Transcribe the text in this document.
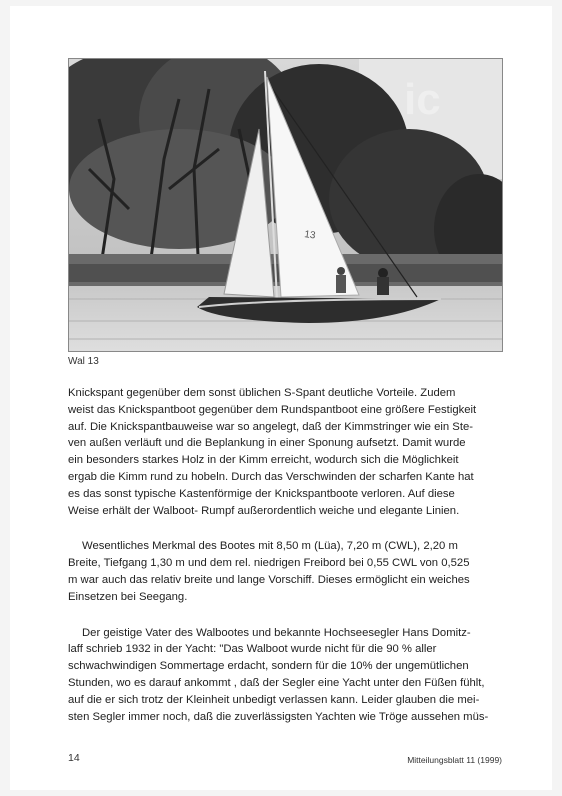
13
ic
Wal 13

Knickspant gegenüber dem sonst üblichen S-Spant deutliche Vorteile. Zudem
weist das Knickspantboot gegenüber dem Rundspantboot eine größere Festigkeit
auf. Die Knickspantbauweise war so angelegt, daß der Kimmstringer wie ein Ste-
ven außen verläuft und die Beplankung in einer Sponung aufsetzt. Damit wurde
ein besonders starkes Holz in der Kimm erreicht, wodurch sich die Möglichkeit
ergab die Kimm rund zu hobeln. Durch das Verschwinden der scharfen Kante hat
es das sonst typische Kastenförmige der Knickspantboote verloren. Auf diese
Weise erhält der Walboot- Rumpf außerordentlich weiche und elegante Linien.

Wesentliches Merkmal des Bootes mit 8,50 m (Lüa), 7,20 m (CWL), 2,20 m
Breite, Tiefgang 1,30 m und dem rel. niedrigen Freibord bei 0,55 CWL von 0,525
m war auch das relativ breite und lange Vorschiff. Dieses ermöglicht ein weiches
Einsetzen bei Seegang.

Der geistige Vater des Walbootes und bekannte Hochseesegler Hans Domitz-
laff schrieb 1932 in der Yacht: "Das Walboot wurde nicht für die 90 % aller
schwachwindigen Sommertage erdacht, sondern für die 10% der ungemütlichen
Stunden, wo es darauf ankommt , daß der Segler eine Yacht unter den Füßen fühlt,
auf die er sich trotz der Kleinheit unbedigt verlassen kann. Leider glauben die mei-
sten Segler immer noch, daß die zuverlässigsten Yachten wie Tröge aussehen müs-

14	Mitteilungsblatt 11 (1999)
